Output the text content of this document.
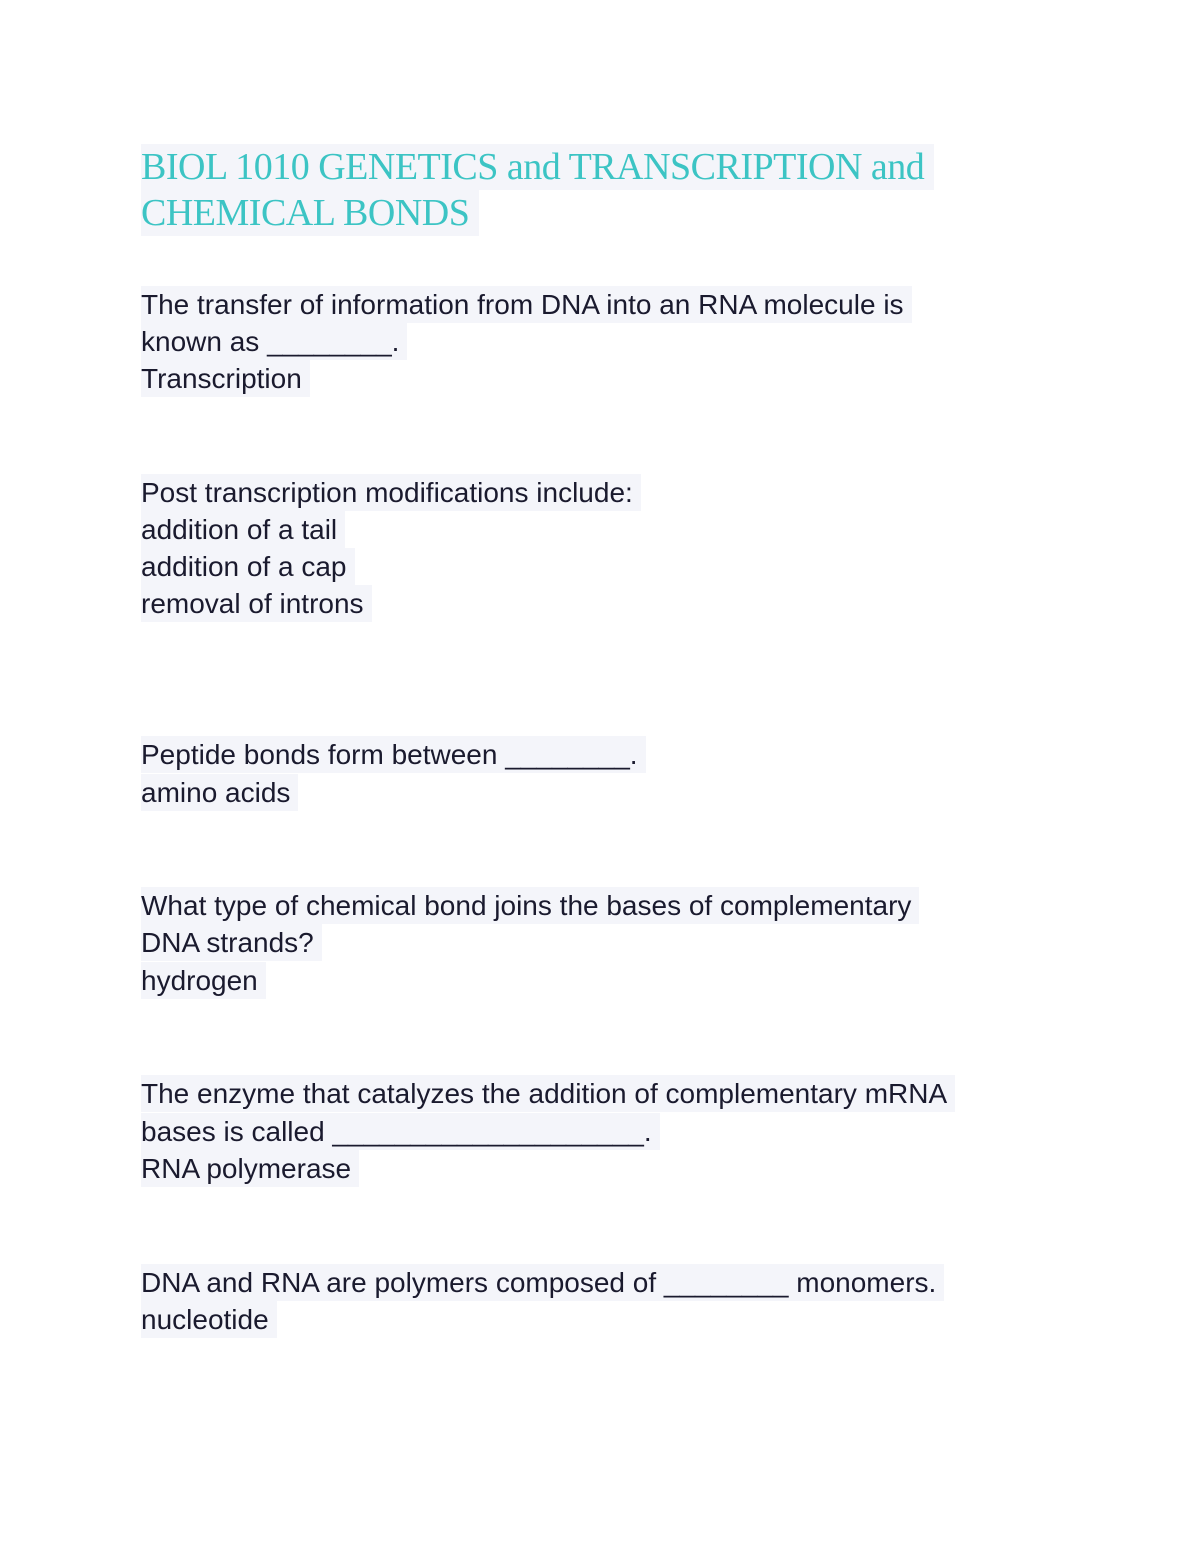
BIOL 1010 GENETICS and TRANSCRIPTION and
CHEMICAL BONDS
The transfer of information from DNA into an RNA molecule is
known as ________.
Transcription
Post transcription modifications include:
addition of a tail
addition of a cap
removal of introns
Peptide bonds form between ________.
amino acids
What type of chemical bond joins the bases of complementary
DNA strands?
hydrogen
The enzyme that catalyzes the addition of complementary mRNA
bases is called ____________________.
RNA polymerase
DNA and RNA are polymers composed of ________ monomers.
nucleotide
